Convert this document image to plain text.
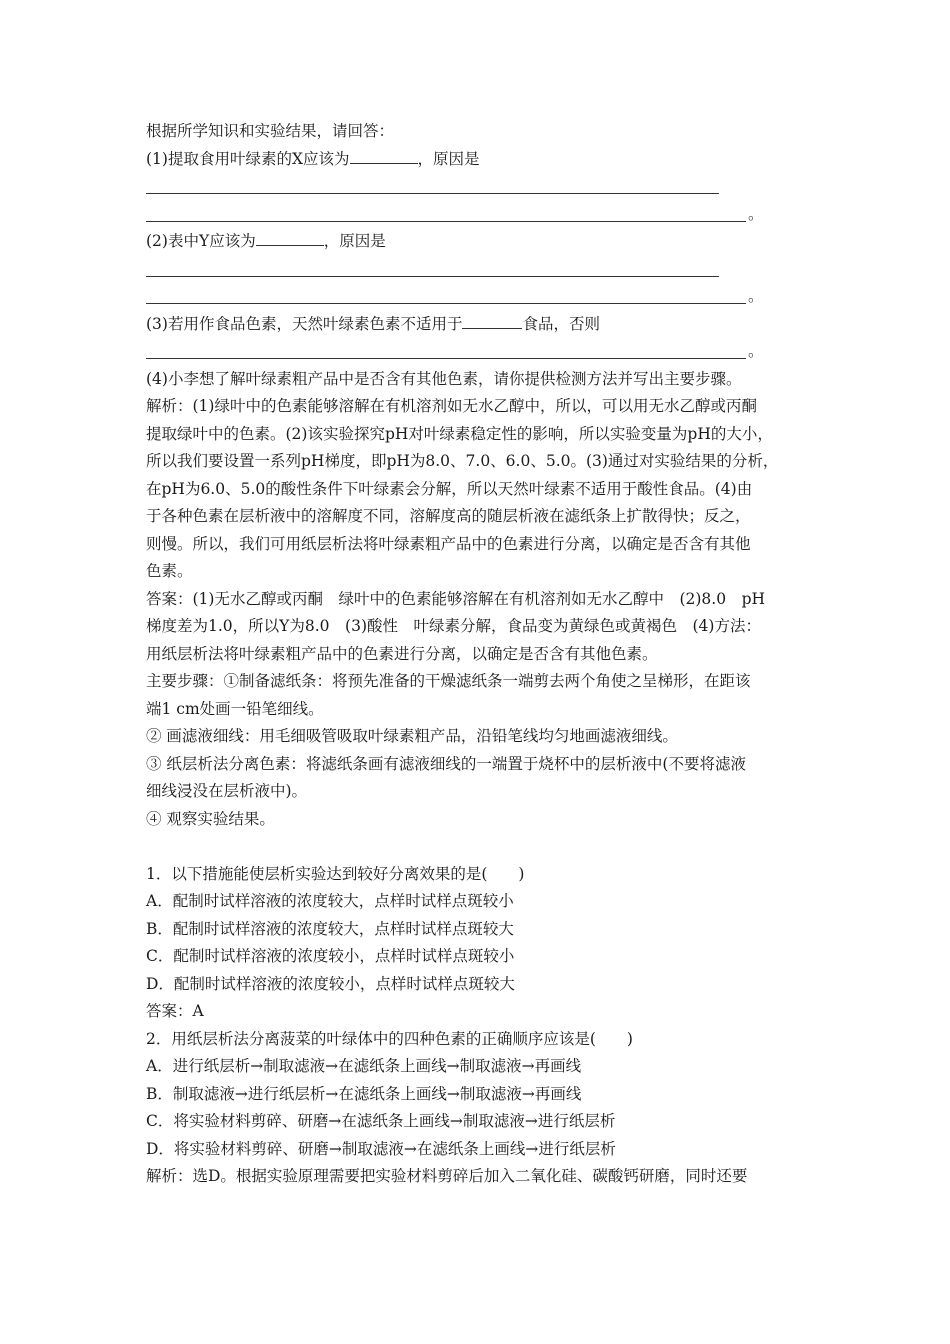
根据所学知识和实验结果，请回答：
(1)提取食用叶绿素的X应该为	，原因是
。
(2)表中Y应该为	，原因是
。
(3)若用作食品色素，天然叶绿素色素不适用于	食品，否则
。
(4)小李想了解叶绿素粗产品中是否含有其他色素，请你提供检测方法并写出主要步骤。
解析：(1)绿叶中的色素能够溶解在有机溶剂如无水乙醇中，所以，可以用无水乙醇或丙酮
提取绿叶中的色素。(2)该实验探究pH对叶绿素稳定性的影响，所以实验变量为pH的大小，
所以我们要设置一系列pH梯度，即pH为8.0、7.0、6.0、5.0。(3)通过对实验结果的分析，
在pH为6.0、5.0的酸性条件下叶绿素会分解，所以天然叶绿素不适用于酸性食品。(4)由
于各种色素在层析液中的溶解度不同，溶解度高的随层析液在滤纸条上扩散得快；反之，
则慢。所以，我们可用纸层析法将叶绿素粗产品中的色素进行分离，以确定是否含有其他
色素。
答案：(1)无水乙醇或丙酮　绿叶中的色素能够溶解在有机溶剂如无水乙醇中　(2)8.0　pH
梯度差为1.0，所以Y为8.0　(3)酸性　叶绿素分解，食品变为黄绿色或黄褐色　(4)方法：
用纸层析法将叶绿素粗产品中的色素进行分离，以确定是否含有其他色素。
主要步骤：①制备滤纸条：将预先准备的干燥滤纸条一端剪去两个角使之呈梯形，在距该
端1 cm处画一铅笔细线。
② 画滤液细线：用毛细吸管吸取叶绿素粗产品，沿铅笔线均匀地画滤液细线。
③ 纸层析法分离色素：将滤纸条画有滤液细线的一端置于烧杯中的层析液中(不要将滤液
细线浸没在层析液中)。
④ 观察实验结果。
1．以下措施能使层析实验达到较好分离效果的是(　　)
A．配制时试样溶液的浓度较大，点样时试样点斑较小
B．配制时试样溶液的浓度较大，点样时试样点斑较大
C．配制时试样溶液的浓度较小，点样时试样点斑较小
D．配制时试样溶液的浓度较小，点样时试样点斑较大
答案：A
2．用纸层析法分离菠菜的叶绿体中的四种色素的正确顺序应该是(　　)
A．进行纸层析→制取滤液→在滤纸条上画线→制取滤液→再画线
B．制取滤液→进行纸层析→在滤纸条上画线→制取滤液→再画线
C．将实验材料剪碎、研磨→在滤纸条上画线→制取滤液→进行纸层析
D．将实验材料剪碎、研磨→制取滤液→在滤纸条上画线→进行纸层析
解析：选D。根据实验原理需要把实验材料剪碎后加入二氧化硅、碳酸钙研磨，同时还要
